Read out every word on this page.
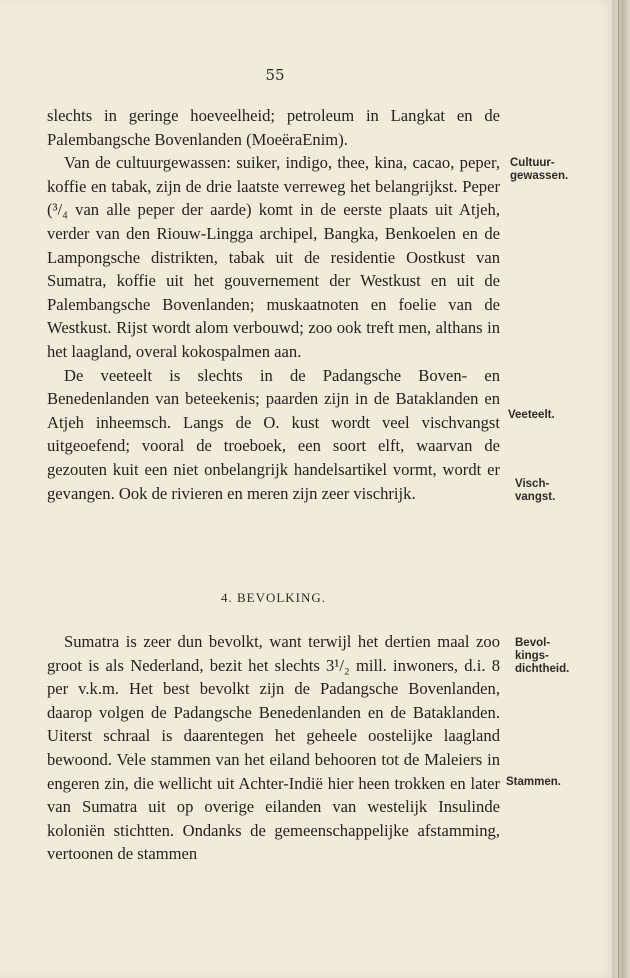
55

slechts in geringe hoeveelheid; petroleum in Langkat en de Palembangsche Bovenlanden (MoeëraEnim).

Van de cultuurgewassen: suiker, indigo, thee, kina, cacao, peper, koffie en tabak, zijn de drie laatste verreweg het belangrijkst. Peper (³/₄ van alle peper der aarde) komt in de eerste plaats uit Atjeh, verder van den Riouw-Lingga archipel, Bangka, Benkoelen en de Lampongsche distrikten, tabak uit de residentie Oostkust van Sumatra, koffie uit het gouvernement der Westkust en uit de Palembangsche Bovenlanden; muskaatnoten en foelie van de Westkust. Rijst wordt alom verbouwd; zoo ook treft men, althans in het laagland, overal kokospalmen aan.

De veeteelt is slechts in de Padangsche Boven- en Benedenlanden van beteekenis; paarden zijn in de Bataklanden en Atjeh inheemsch. Langs de O. kust wordt veel vischvangst uitgeoefend; vooral de troeboek, een soort elft, waarvan de gezouten kuit een niet onbelangrijk handelsartikel vormt, wordt er gevangen. Ook de rivieren en meren zijn zeer vischrijk.

4. BEVOLKING.

Sumatra is zeer dun bevolkt, want terwijl het dertien maal zoo groot is als Nederland, bezit het slechts 3¹/₂ mill. inwoners, d.i. 8 per v.k.m. Het best bevolkt zijn de Padangsche Bovenlanden, daarop volgen de Padangsche Benedenlanden en de Bataklanden. Uiterst schraal is daarentegen het geheele oostelijke laagland bewoond. Vele stammen van het eiland behooren tot de Maleiers in engeren zin, die wellicht uit Achter-Indië hier heen trokken en later van Sumatra uit op overige eilanden van westelijk Insulinde koloniën stichtten. Ondanks de gemeenschappelijke afstamming, vertoonen de stammen

Cultuur-
gewassen.
Veeteelt.
Visch-
vangst.
Bevol-
kings-
dichtheid.
Stammen.
